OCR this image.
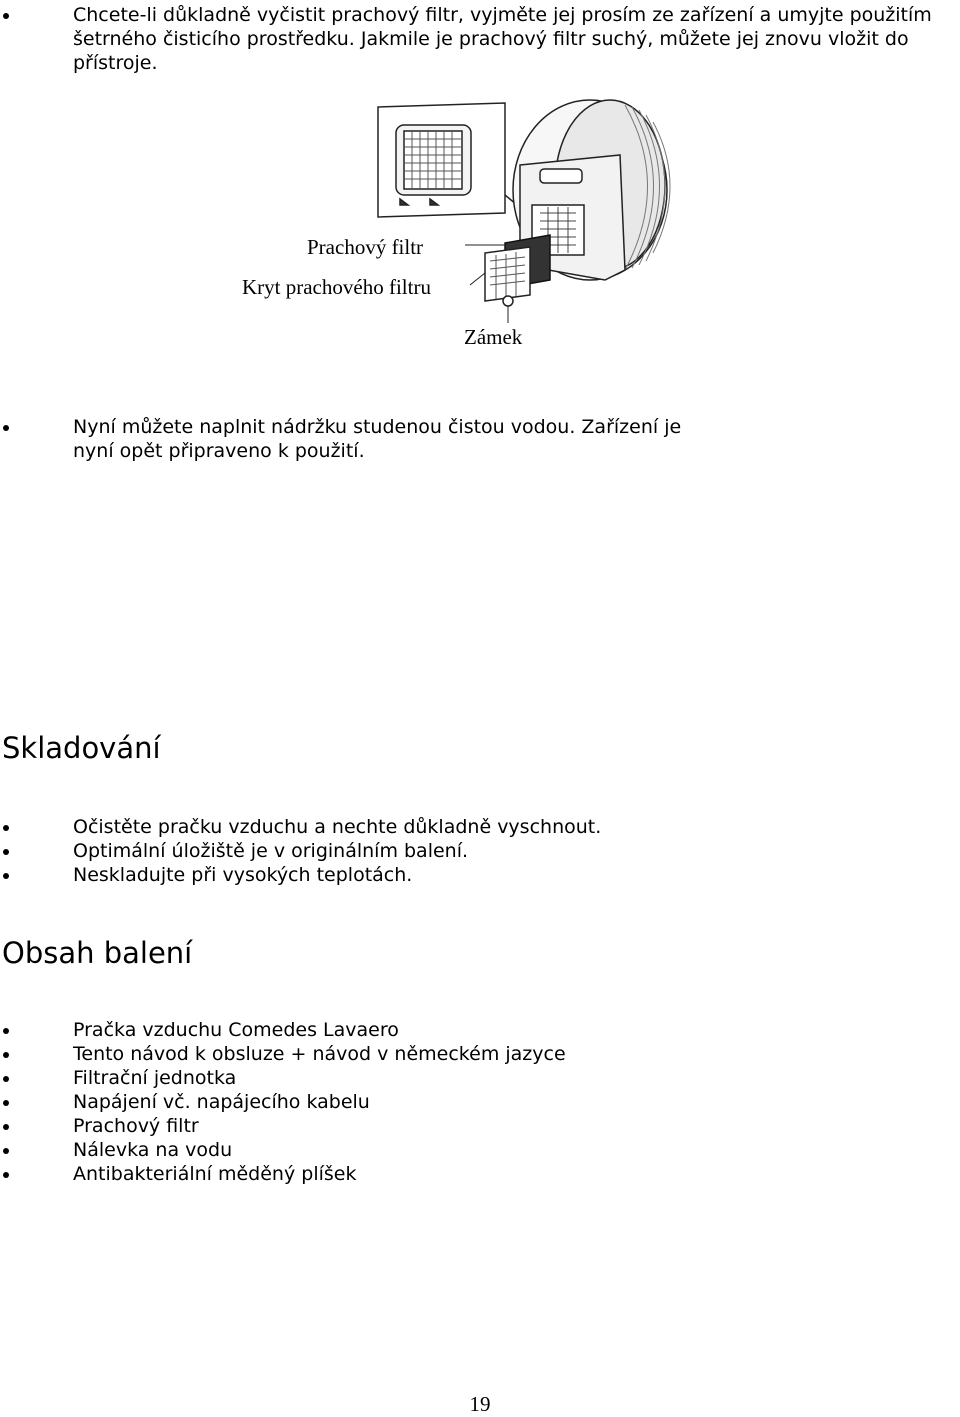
Chcete-li důkladně vyčistit prachový filtr, vyjměte jej prosím ze zařízení a umyjte použitím šetrného čisticího prostředku. Jakmile je prachový filtr suchý, můžete jej znovu vložit do přístroje.
Prachový filtr
Kryt prachového filtru
Zámek
Nyní můžete naplnit nádržku studenou čistou vodou. Zařízení je nyní opět připraveno k použití.
Skladování
Očistěte pračku vzduchu a nechte důkladně vyschnout.
Optimální úložiště je v originálním balení.
Neskladujte při vysokých teplotách.
Obsah balení
Pračka vzduchu Comedes Lavaero
Tento návod k obsluze + návod v německém jazyce
Filtrační jednotka
Napájení vč. napájecího kabelu
Prachový filtr
Nálevka na vodu
Antibakteriální měděný plíšek
19
